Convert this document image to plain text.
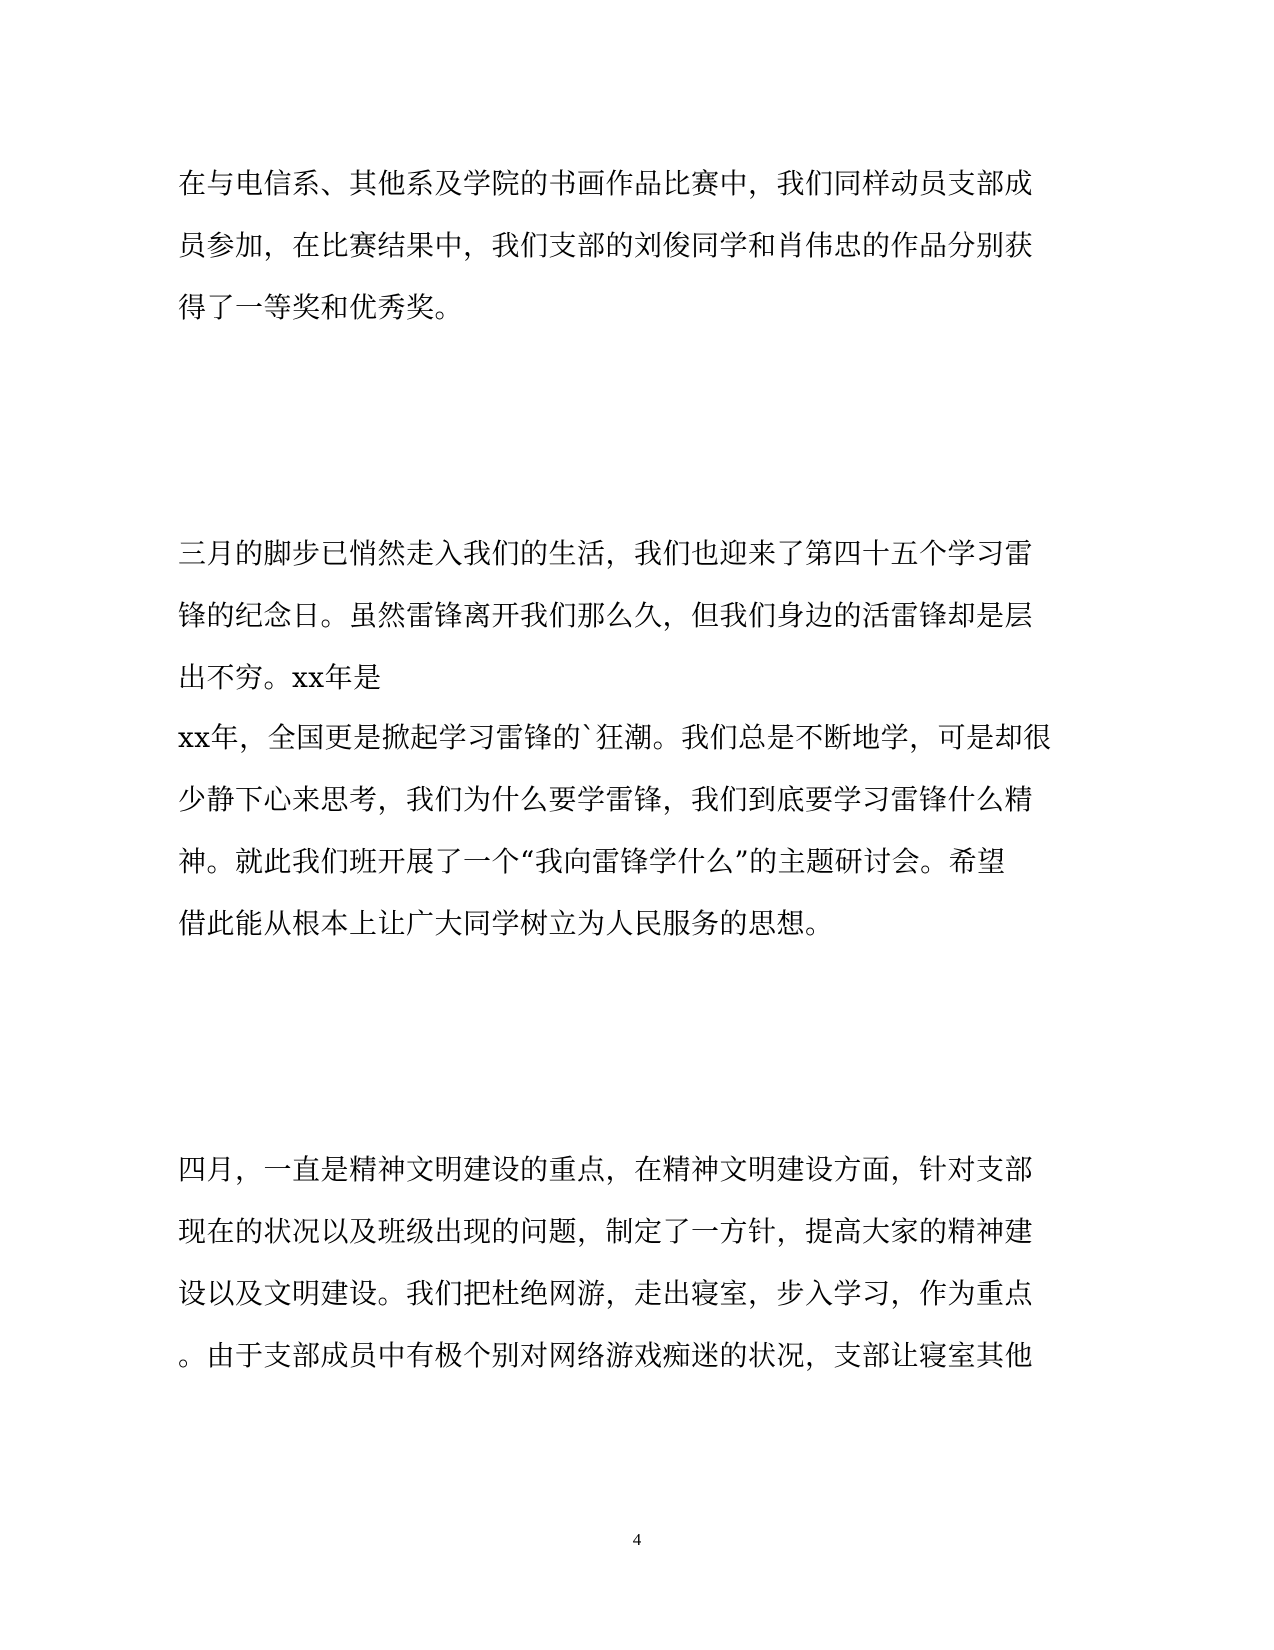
在与电信系、其他系及学院的书画作品比赛中，我们同样动员支部成
员参加，在比赛结果中，我们支部的刘俊同学和肖伟忠的作品分别获
得了一等奖和优秀奖。
三月的脚步已悄然走入我们的生活，我们也迎来了第四十五个学习雷
锋的纪念日。虽然雷锋离开我们那么久，但我们身边的活雷锋却是层
出不穷。xx年是
xx年，全国更是掀起学习雷锋的`狂潮。我们总是不断地学，可是却很
少静下心来思考，我们为什么要学雷锋，我们到底要学习雷锋什么精
神。就此我们班开展了一个“我向雷锋学什么”的主题研讨会。希望
借此能从根本上让广大同学树立为人民服务的思想。
四月，一直是精神文明建设的重点，在精神文明建设方面，针对支部
现在的状况以及班级出现的问题，制定了一方针，提高大家的精神建
设以及文明建设。我们把杜绝网游，走出寝室，步入学习，作为重点
。由于支部成员中有极个别对网络游戏痴迷的状况，支部让寝室其他
4
